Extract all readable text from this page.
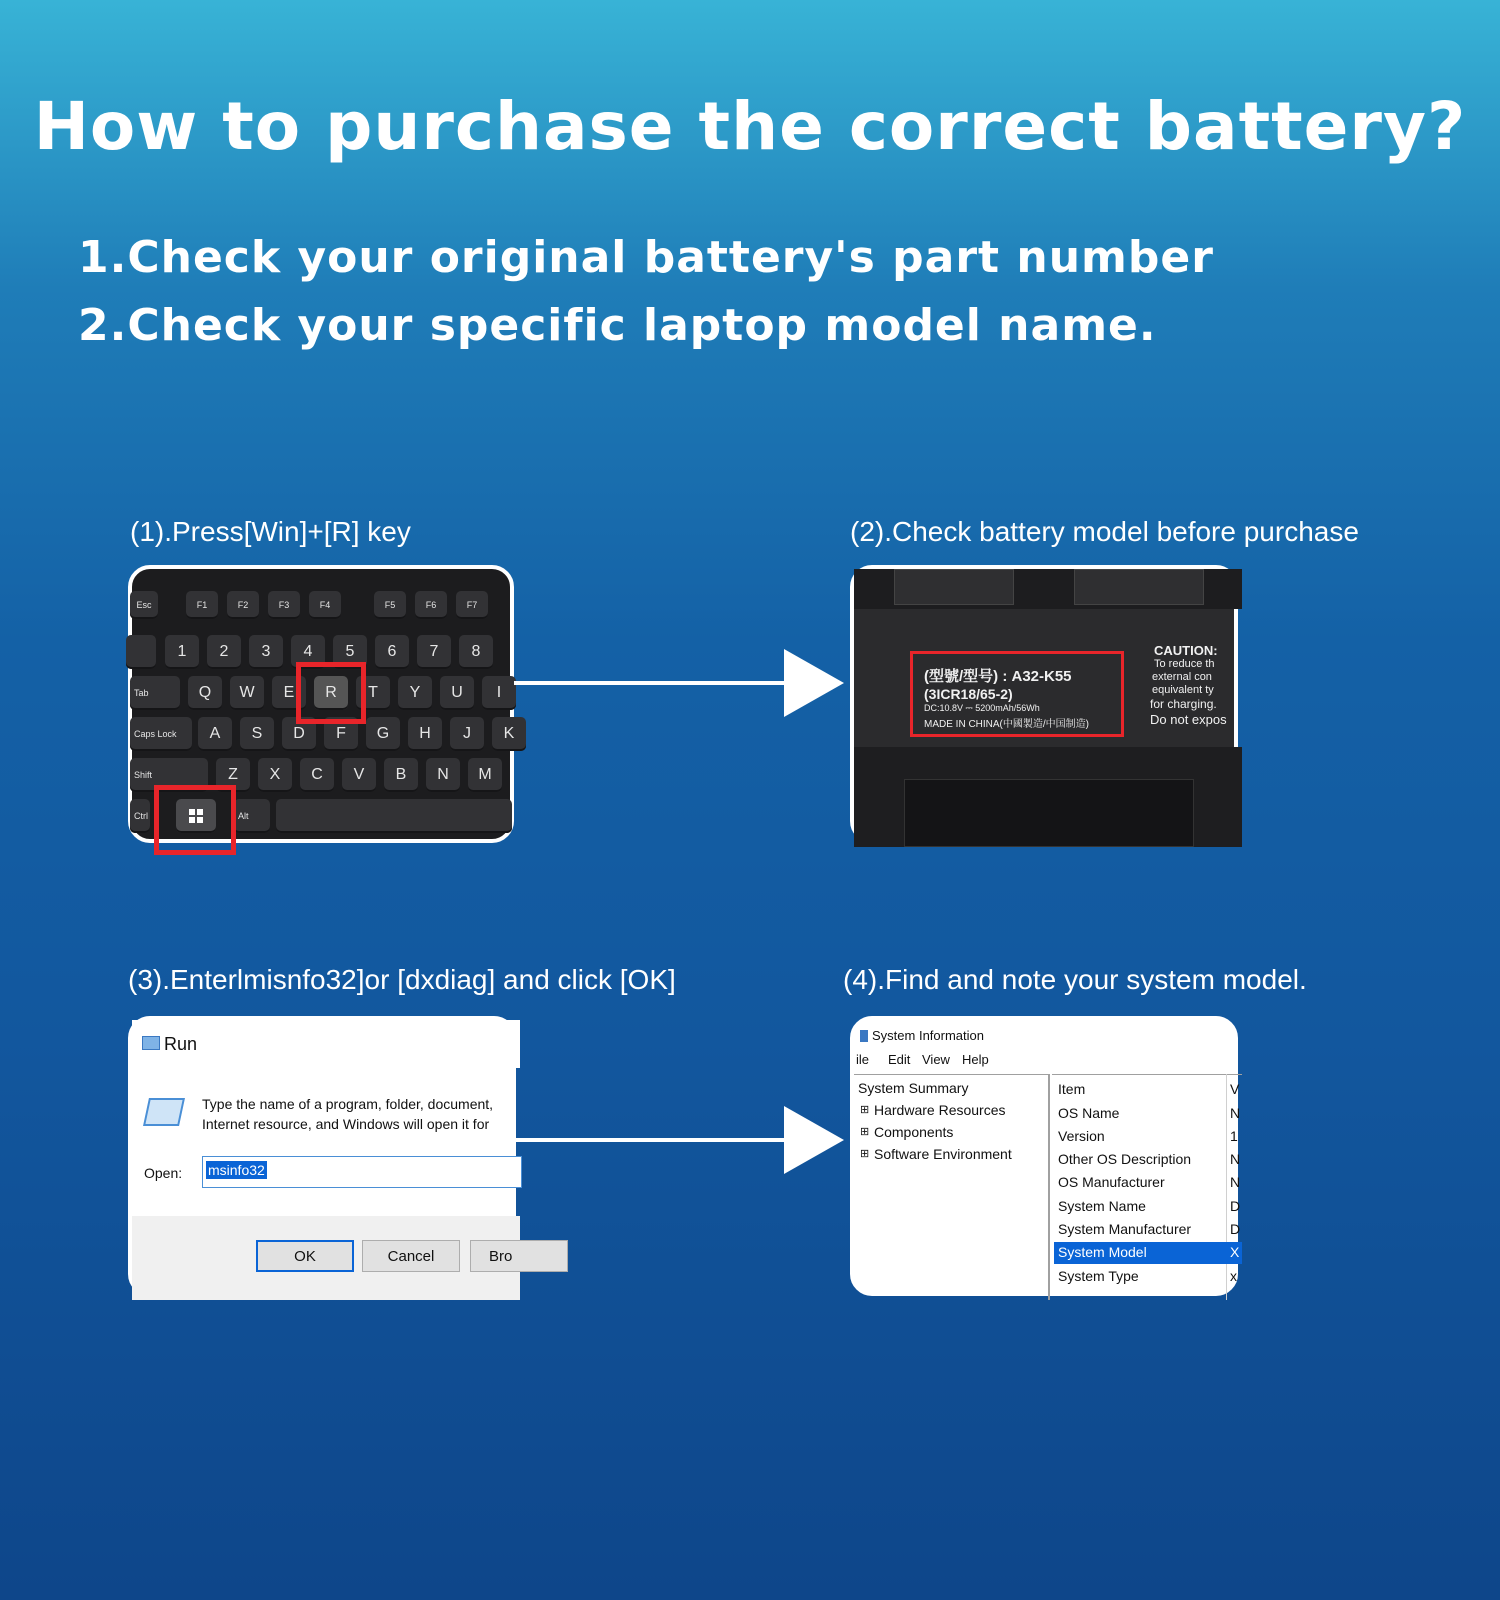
How to purchase the correct battery?
1.Check your original battery's part number
2.Check your specific laptop model name.
(1).Press[Win]+[R] key
Esc	F1	F2	F3	F4	F5	F6	F7
1	2	3	4	5	6	7	8
Tab	Q	W	E	R	T	Y	U	I
Caps Lock	A	S	D	F	G	H	J	K
Shift	Z	X	C	V	B	N	M
Ctrl	Alt
(2).Check battery model before purchase
(型號/型号) : A32-K55
(3ICR18/65-2)
DC:10.8V ⎓ 5200mAh/56Wh
MADE IN CHINA(中國製造/中国制造)
CAUTION:
To reduce th
external con
equivalent ty
for charging.
Do not expos
(3).Enterlmisnfo32]or [dxdiag] and click [OK]
Run
Type the name of a program, folder, document,
Internet resource, and Windows will open it for
Open: msinfo32
OK	Cancel	Bro
(4).Find and note your system model.
System Information
ile Edit View Help
System Summary
⊞ Hardware Resources
⊞ Components
⊞ Software Environment
Item	V
OS Name	N
Version	1
Other OS Description	N
OS Manufacturer	N
System Name	D
System Manufacturer	D
System Model	X
System Type	x
